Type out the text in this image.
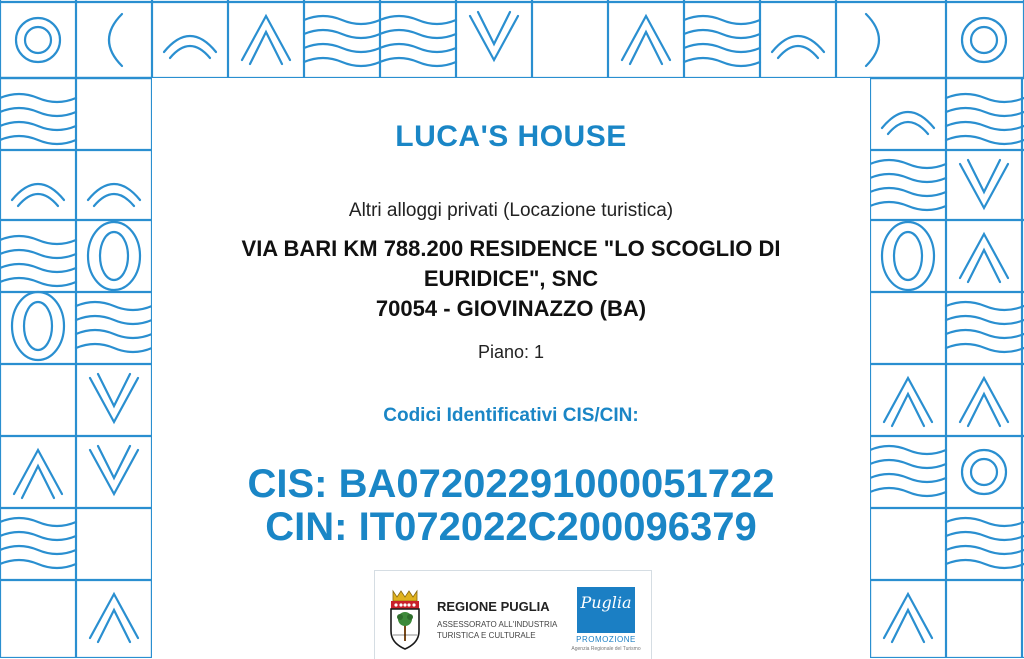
LUCA'S HOUSE
Altri alloggi privati (Locazione turistica)
VIA BARI KM 788.200 RESIDENCE "LO SCOGLIO DI EURIDICE", SNC
70054 - GIOVINAZZO (BA)
Piano: 1
Codici Identificativi CIS/CIN:
CIS: BA07202291000051722
CIN: IT072022C200096379
REGIONE PUGLIA
ASSESSORATO ALL'INDUSTRIA
TURISTICA E CULTURALE
Puglia
PROMOZIONE
Agenzia Regionale del Turismo
